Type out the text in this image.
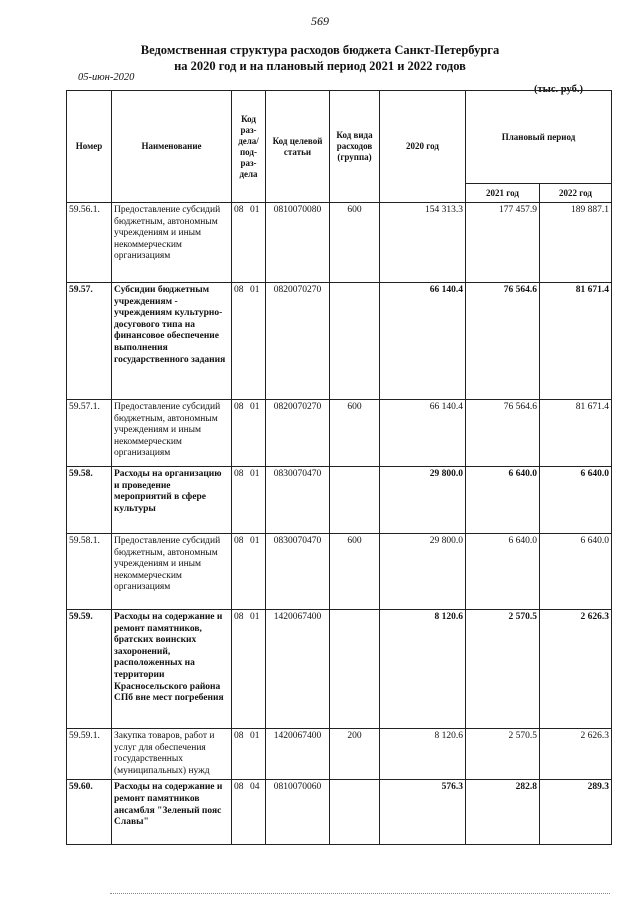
569
Ведомственная структура расходов бюджета Санкт-Петербурга
на 2020 год и на плановый период 2021 и 2022 годов
05-июн-2020
(тыс. руб.)
Номер	Наименование	Код раз- дела/ под- раз- дела	Код целевой статьи	Код вида расходов (группа)	2020 год	Плановый период	
						2021 год	2022 год
59.56.1.	Предоставление субсидий бюджетным, автономным учреждениям и иным некоммерческим организациям	08 01	0810070080	600	154 313.3	177 457.9	189 887.1
59.57.	Субсидии бюджетным учреждениям - учреждениям культурно-досугового типа на финансовое обеспечение выполнения государственного задания	08 01	0820070270		66 140.4	76 564.6	81 671.4
59.57.1.	Предоставление субсидий бюджетным, автономным учреждениям и иным некоммерческим организациям	08 01	0820070270	600	66 140.4	76 564.6	81 671.4
59.58.	Расходы на организацию и проведение мероприятий в сфере культуры	08 01	0830070470		29 800.0	6 640.0	6 640.0
59.58.1.	Предоставление субсидий бюджетным, автономным учреждениям и иным некоммерческим организациям	08 01	0830070470	600	29 800.0	6 640.0	6 640.0
59.59.	Расходы на содержание и ремонт памятников, братских воинских захоронений, расположенных на территории Красносельского района СПб вне мест погребения	08 01	1420067400		8 120.6	2 570.5	2 626.3
59.59.1.	Закупка товаров, работ и услуг для обеспечения государственных (муниципальных) нужд	08 01	1420067400	200	8 120.6	2 570.5	2 626.3
59.60.	Расходы на содержание и ремонт памятников ансамбля "Зеленый пояс Славы"	08 04	0810070060		576.3	282.8	289.3
